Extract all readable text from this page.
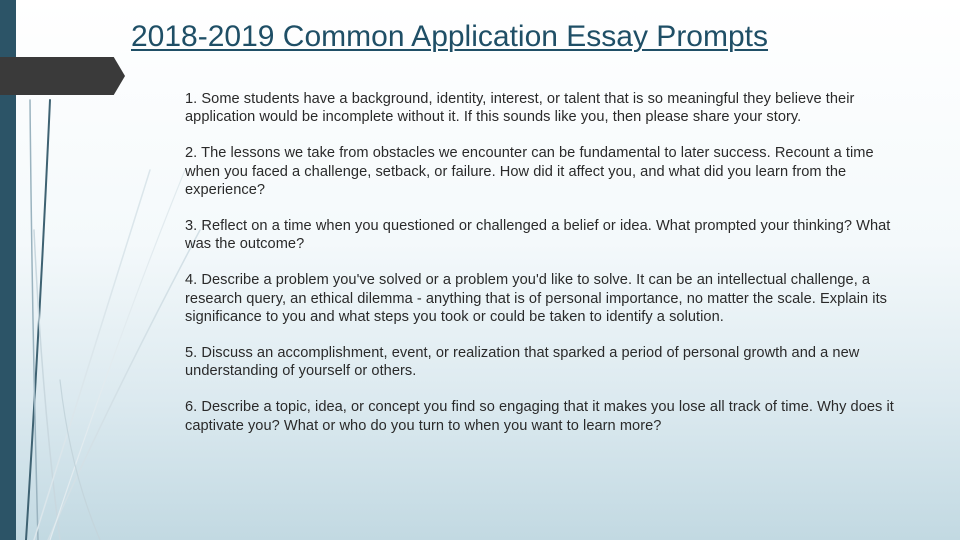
2018-2019 Common Application Essay Prompts
1. Some students have a background, identity, interest, or talent that is so meaningful they believe their application would be incomplete without it. If this sounds like you, then please share your story.
2. The lessons we take from obstacles we encounter can be fundamental to later success. Recount a time when you faced a challenge, setback, or failure. How did it affect you, and what did you learn from the experience?
3. Reflect on a time when you questioned or challenged a belief or idea. What prompted your thinking? What was the outcome?
4. Describe a problem you've solved or a problem you'd like to solve. It can be an intellectual challenge, a research query, an ethical dilemma - anything that is of personal importance, no matter the scale. Explain its significance to you and what steps you took or could be taken to identify a solution.
5. Discuss an accomplishment, event, or realization that sparked a period of personal growth and a new understanding of yourself or others.
6. Describe a topic, idea, or concept you find so engaging that it makes you lose all track of time. Why does it captivate you? What or who do you turn to when you want to learn more?
